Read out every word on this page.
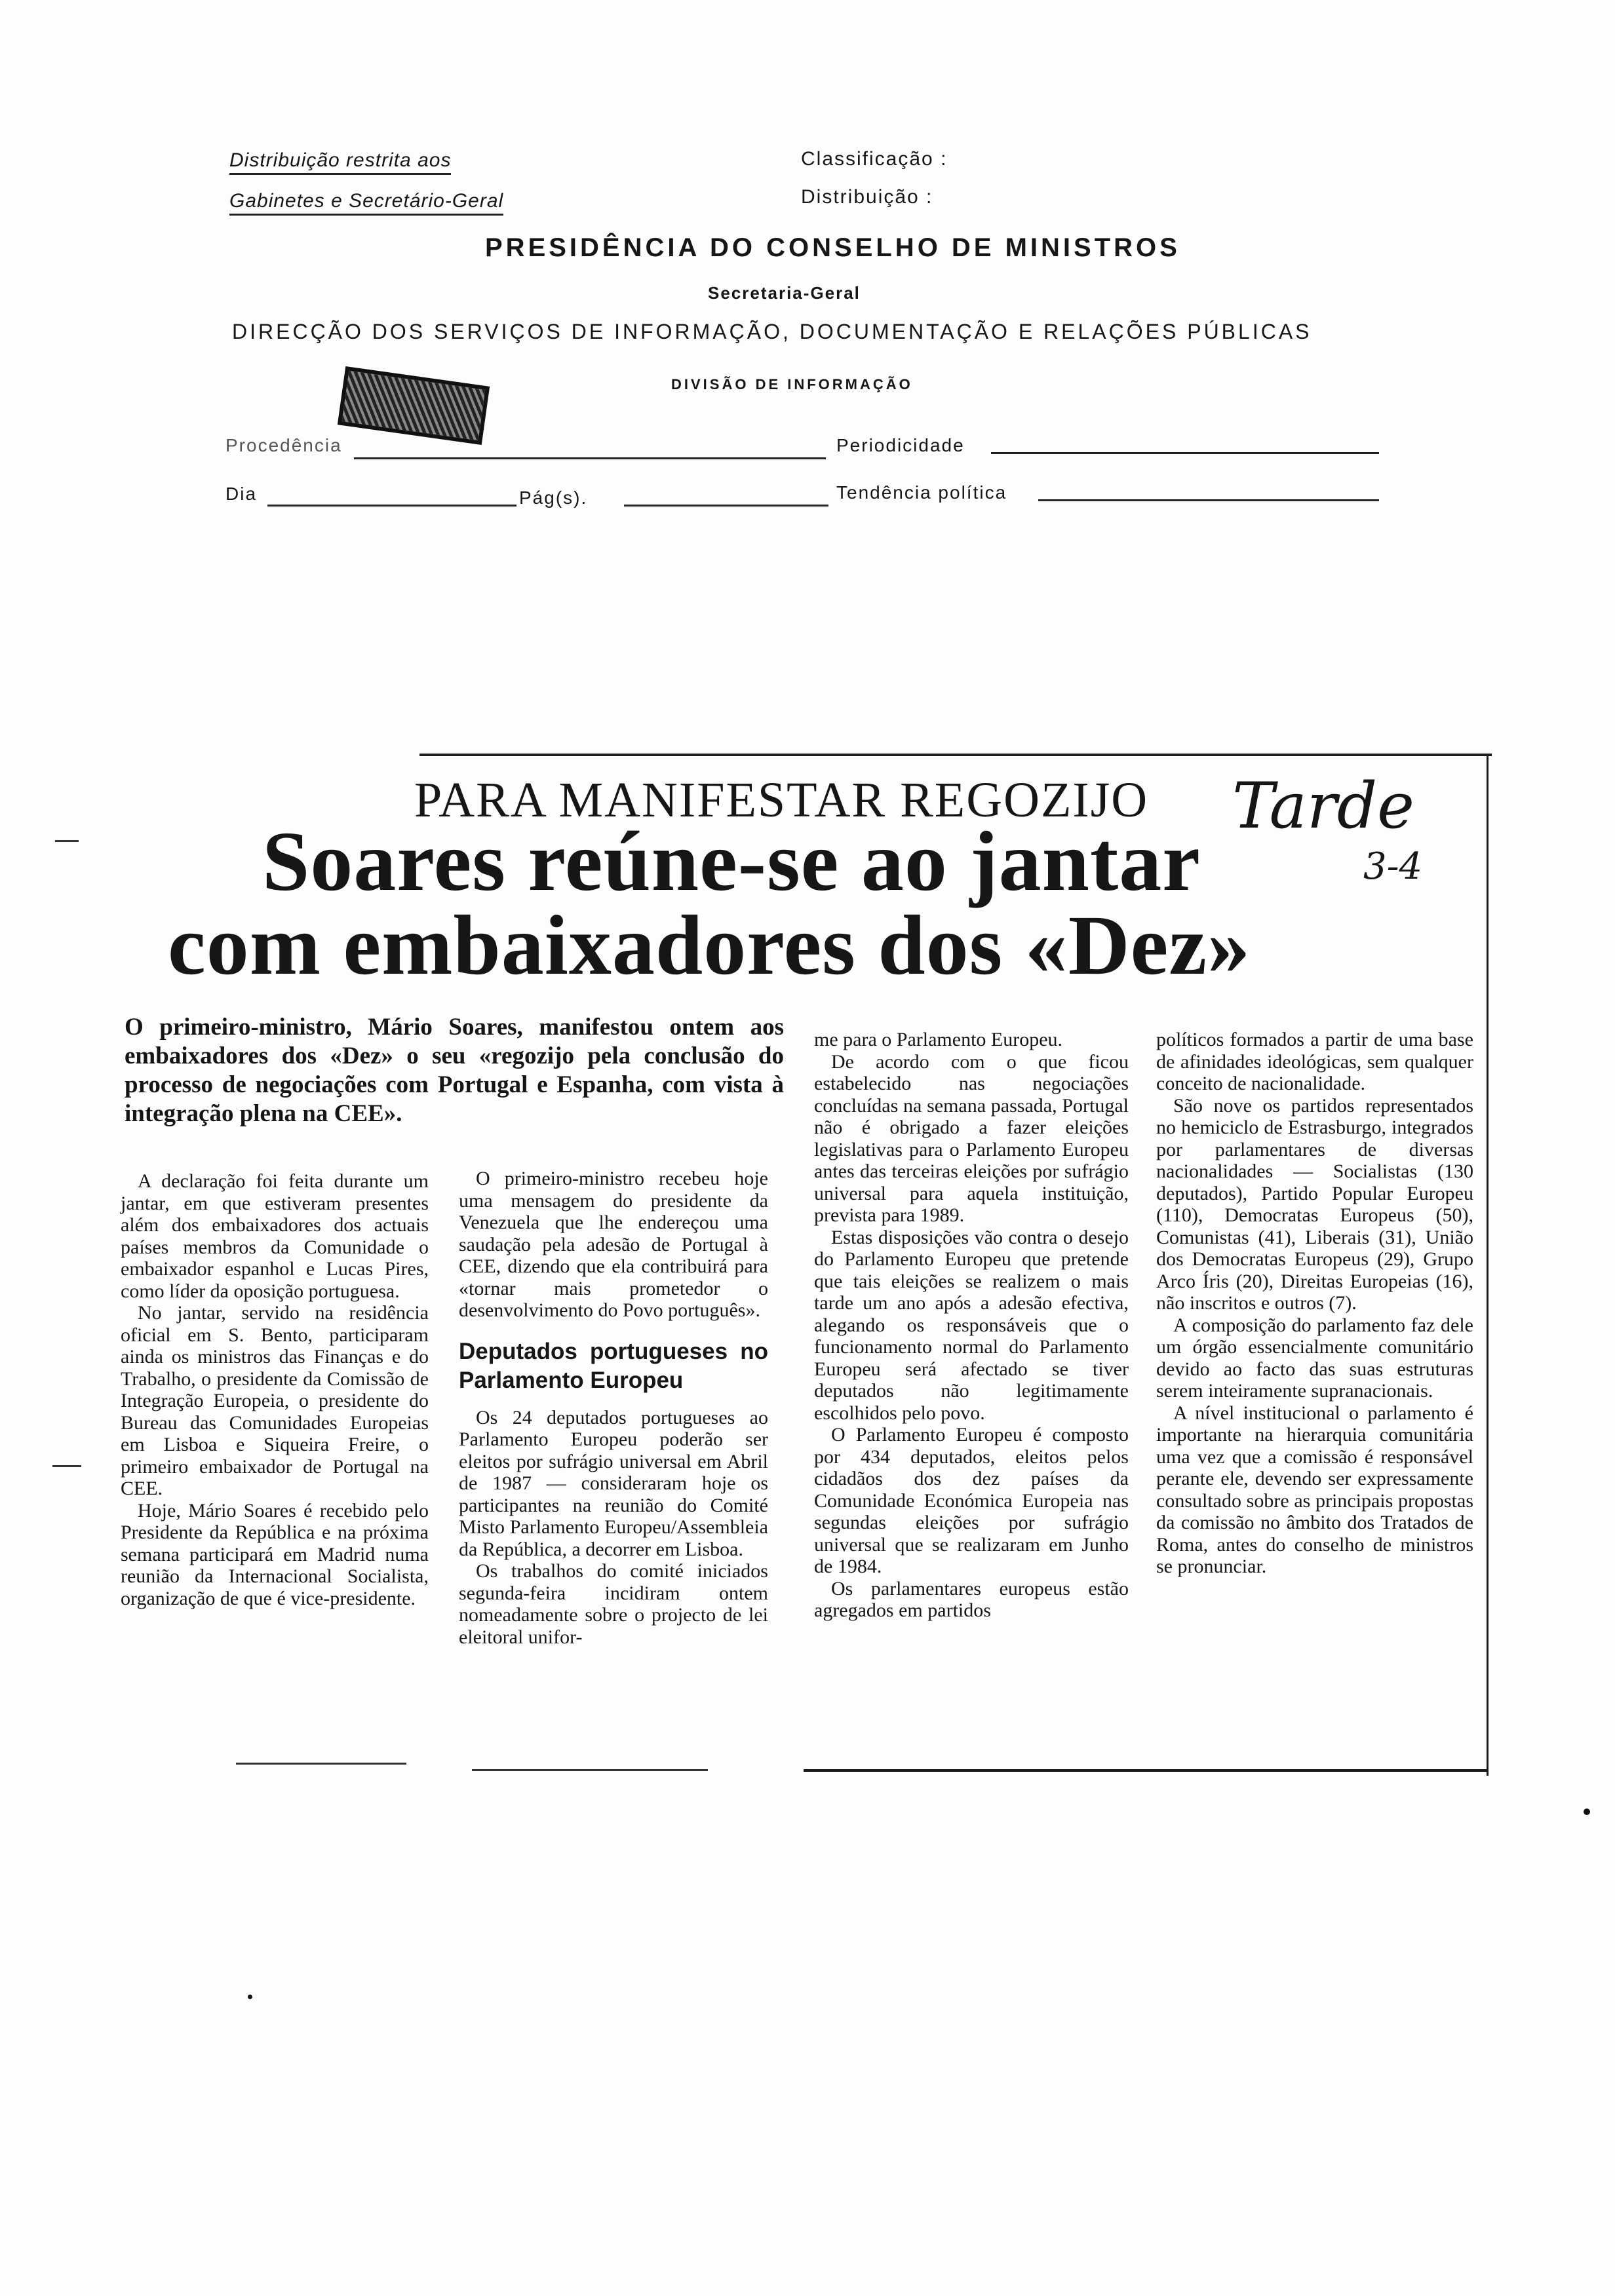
Distribuição restrita aos
Gabinetes e Secretário-Geral
Classificação :
Distribuição :
PRESIDÊNCIA DO CONSELHO DE MINISTROS
Secretaria-Geral
DIRECÇÃO DOS SERVIÇOS DE INFORMAÇÃO, DOCUMENTAÇÃO E RELAÇÕES PÚBLICAS
DIVISÃO DE INFORMAÇÃO
Procedência	Periodicidade
Dia	Pág(s).	Tendência política
PARA MANIFESTAR REGOZIJO Tarde
3-4
Soares reúne-se ao jantar
com embaixadores dos «Dez»
O primeiro-ministro, Mário Soares, manifestou ontem aos embaixadores dos «Dez» o seu «regozijo pela conclusão do processo de negociações com Portugal e Espanha, com vista à integração plena na CEE».

A declaração foi feita durante um jantar, em que estiveram presentes além dos embaixadores dos actuais países membros da Comunidade o embaixador espanhol e Lucas Pires, como líder da oposição portuguesa.

No jantar, servido na residência oficial em S. Bento, participaram ainda os ministros das Finanças e do Trabalho, o presidente da Comissão de Integração Europeia, o presidente do Bureau das Comunidades Europeias em Lisboa e Siqueira Freire, o primeiro embaixador de Portugal na CEE.

Hoje, Mário Soares é recebido pelo Presidente da República e na próxima semana participará em Madrid numa reunião da Internacional Socialista, organização de que é vice-presidente.

O primeiro-ministro recebeu hoje uma mensagem do presidente da Venezuela que lhe endereçou uma saudação pela adesão de Portugal à CEE, dizendo que ela contribuirá para «tornar mais prometedor o desenvolvimento do Povo português».

Deputados portugueses no Parlamento Europeu

Os 24 deputados portugueses ao Parlamento Europeu poderão ser eleitos por sufrágio universal em Abril de 1987 — consideraram hoje os participantes na reunião do Comité Misto Parlamento Europeu/Assembleia da República, a decorrer em Lisboa.

Os trabalhos do comité iniciados segunda-feira incidiram ontem nomeadamente sobre o projecto de lei eleitoral unifor-

me para o Parlamento Europeu.

De acordo com o que ficou estabelecido nas negociações concluídas na semana passada, Portugal não é obrigado a fazer eleições legislativas para o Parlamento Europeu antes das terceiras eleições por sufrágio universal para aquela instituição, prevista para 1989.

Estas disposições vão contra o desejo do Parlamento Europeu que pretende que tais eleições se realizem o mais tarde um ano após a adesão efectiva, alegando os responsáveis que o funcionamento normal do Parlamento Europeu será afectado se tiver deputados não legitimamente escolhidos pelo povo.

O Parlamento Europeu é composto por 434 deputados, eleitos pelos cidadãos dos dez países da Comunidade Económica Europeia nas segundas eleições por sufrágio universal que se realizaram em Junho de 1984.

Os parlamentares europeus estão agregados em partidos

políticos formados a partir de uma base de afinidades ideológicas, sem qualquer conceito de nacionalidade.

São nove os partidos representados no hemiciclo de Estrasburgo, integrados por parlamentares de diversas nacionalidades — Socialistas (130 deputados), Partido Popular Europeu (110), Democratas Europeus (50), Comunistas (41), Liberais (31), União dos Democratas Europeus (29), Grupo Arco Íris (20), Direitas Europeias (16), não inscritos e outros (7).

A composição do parlamento faz dele um órgão essencialmente comunitário devido ao facto das suas estruturas serem inteiramente supranacionais.

A nível institucional o parlamento é importante na hierarquia comunitária uma vez que a comissão é responsável perante ele, devendo ser expressamente consultado sobre as principais propostas da comissão no âmbito dos Tratados de Roma, antes do conselho de ministros se pronunciar.
